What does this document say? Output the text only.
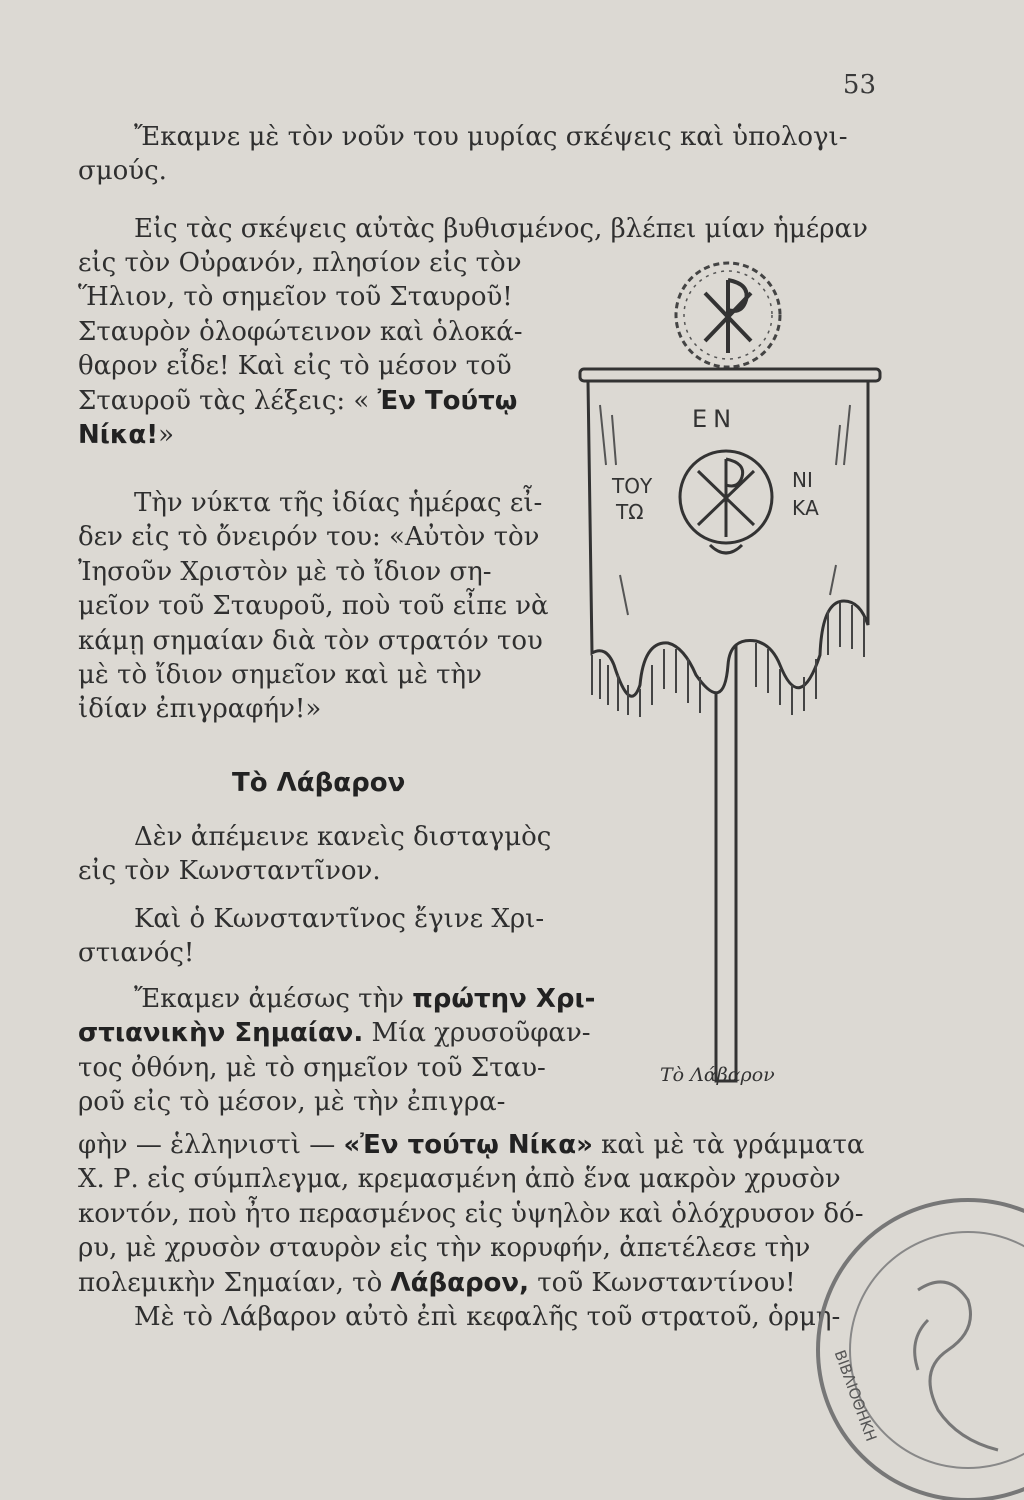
53
Ἔκαμνε μὲ τὸν νοῦν του μυρίας σκέψεις καὶ ὑπολογι-
σμούς.
Εἰς τὰς σκέψεις αὐτὰς βυθισμένος, βλέπει μίαν ἡμέραν
εἰς τὸν Οὐρανόν, πλησίον εἰς τὸν
Ἥλιον, τὸ σημεῖον τοῦ Σταυροῦ!
Σταυρὸν ὁλοφώτεινον καὶ ὁλοκά-
θαρον εἶδε! Καὶ εἰς τὸ μέσον τοῦ
Σταυροῦ τὰς λέξεις: « Ἐν Τούτῳ
Νίκα!»
Τὴν νύκτα τῆς ἰδίας ἡμέρας εἶ-
δεν εἰς τὸ ὄνειρόν του: «Αὐτὸν τὸν
Ἰησοῦν Χριστὸν μὲ τὸ ἴδιον ση-
μεῖον τοῦ Σταυροῦ, ποὺ τοῦ εἶπε νὰ
κάμῃ σημαίαν διὰ τὸν στρατόν του
μὲ τὸ ἴδιον σημεῖον καὶ μὲ τὴν
ἰδίαν ἐπιγραφήν!»
Τὸ Λάβαρον
Δὲν ἀπέμεινε κανεὶς δισταγμὸς
εἰς τὸν Κωνσταντῖνον.
Καὶ ὁ Κωνσταντῖνος ἔγινε Χρι-
στιανός!
Ἔκαμεν ἀμέσως τὴν πρώτην Χρι-
στιανικὴν Σημαίαν. Μία χρυσοῦφαν-
τος ὀθόνη, μὲ τὸ σημεῖον τοῦ Σταυ-
ροῦ εἰς τὸ μέσον, μὲ τὴν ἐπιγρα-
φὴν — ἑλληνιστὶ — «Ἐν τούτῳ Νίκα» καὶ μὲ τὰ γράμματα
Χ. Ρ. εἰς σύμπλεγμα, κρεμασμένη ἀπὸ ἕνα μακρὸν χρυσὸν
κοντόν, ποὺ ἦτο περασμένος εἰς ὑψηλὸν καὶ ὁλόχρυσον δό-
ρυ, μὲ χρυσὸν σταυρὸν εἰς τὴν κορυφήν, ἀπετέλεσε τὴν
πολεμικὴν Σημαίαν, τὸ Λάβαρον, τοῦ Κωνσταντίνου!
Μὲ τὸ Λάβαρον αὐτὸ ἐπὶ κεφαλῆς τοῦ στρατοῦ, ὁρμη-
ΕΝ
ΤΟΥ
ΤΩ
ΝΙ
ΚΑ
Τὸ Λάβαρον
ΒΙΒΛΙΟΘΗΚΗ
